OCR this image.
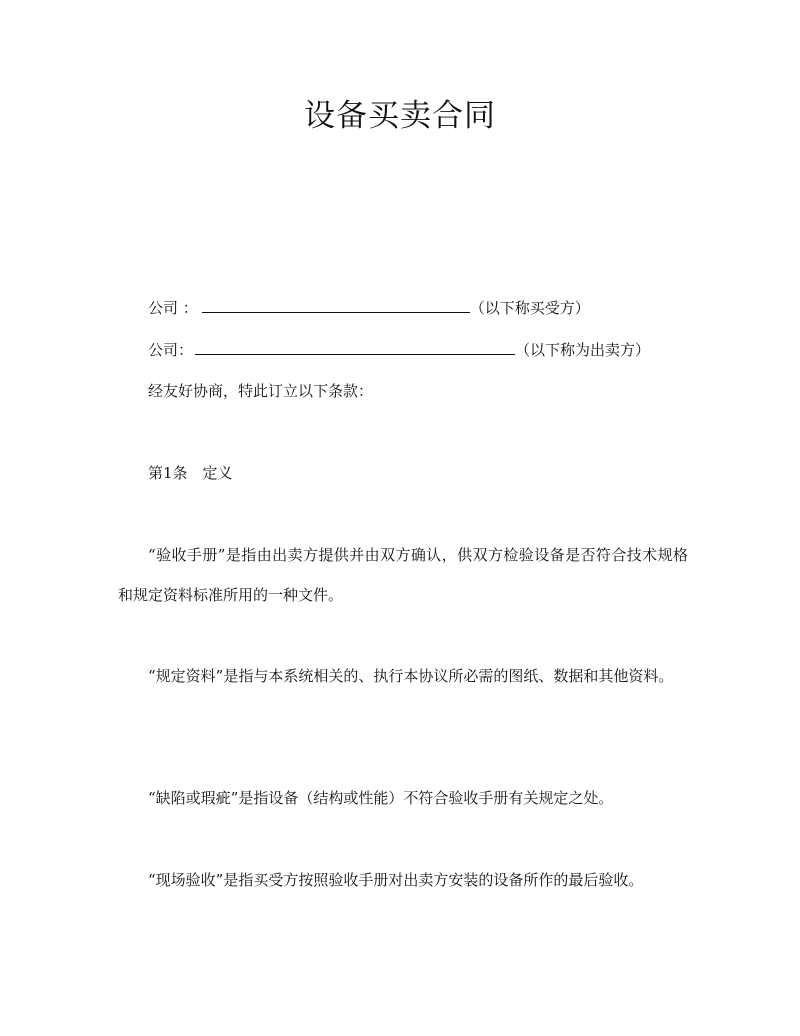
设备买卖合同
公司 ：	（以下称买受方）
公司：	（以下称为出卖方）
经友好协商，特此订立以下条款：
第1条　定义
“验收手册”是指由出卖方提供并由双方确认，供双方检验设备是否符合技术规格和规定资料标准所用的一种文件。
“规定资料”是指与本系统相关的、执行本协议所必需的图纸、数据和其他资料。
“缺陷或瑕疵”是指设备（结构或性能）不符合验收手册有关规定之处。
“现场验收”是指买受方按照验收手册对出卖方安装的设备所作的最后验收。
